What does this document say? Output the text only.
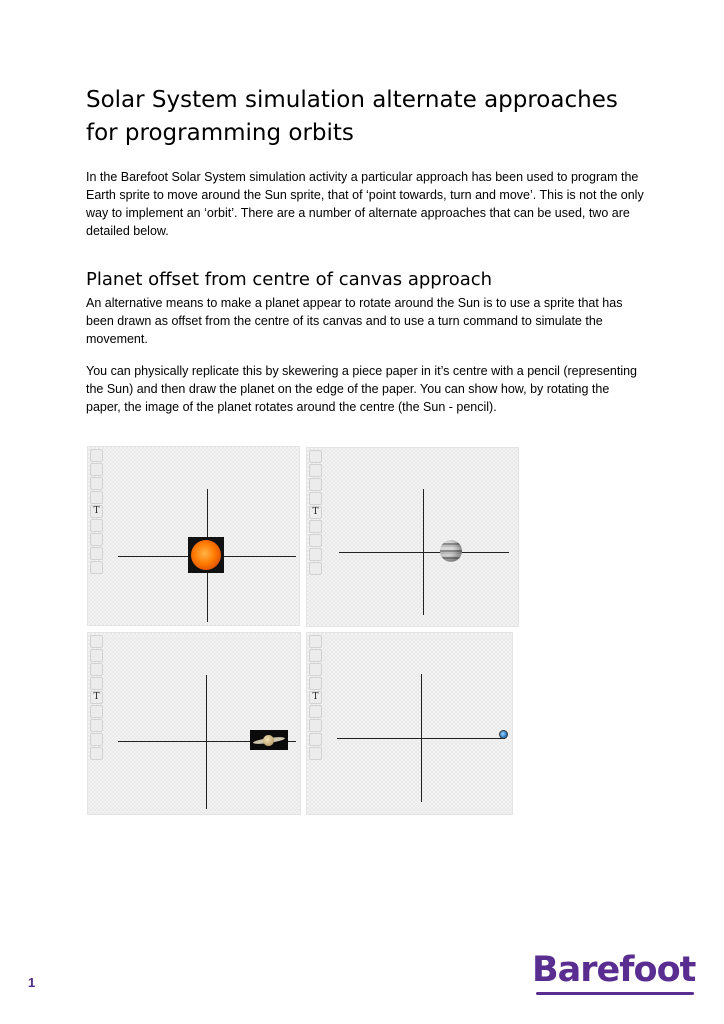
Solar System simulation alternate approaches for programming orbits

In the Barefoot Solar System simulation activity a particular approach has been used to program the Earth sprite to move around the Sun sprite, that of ‘point towards, turn and move’. This is not the only way to implement an ‘orbit’. There are a number of alternate approaches that can be used, two are detailed below.

Planet offset from centre of canvas approach

An alternative means to make a planet appear to rotate around the Sun is to use a sprite that has been drawn as offset from the centre of its canvas and to use a turn command to simulate the movement.

You can physically replicate this by skewering a piece paper in it’s centre with a pencil (representing the Sun) and then draw the planet on the edge of the paper. You can show how, by rotating the paper, the image of the planet rotates around the centre (the Sun - pencil).

T	T
T	T
1	Barefoot
